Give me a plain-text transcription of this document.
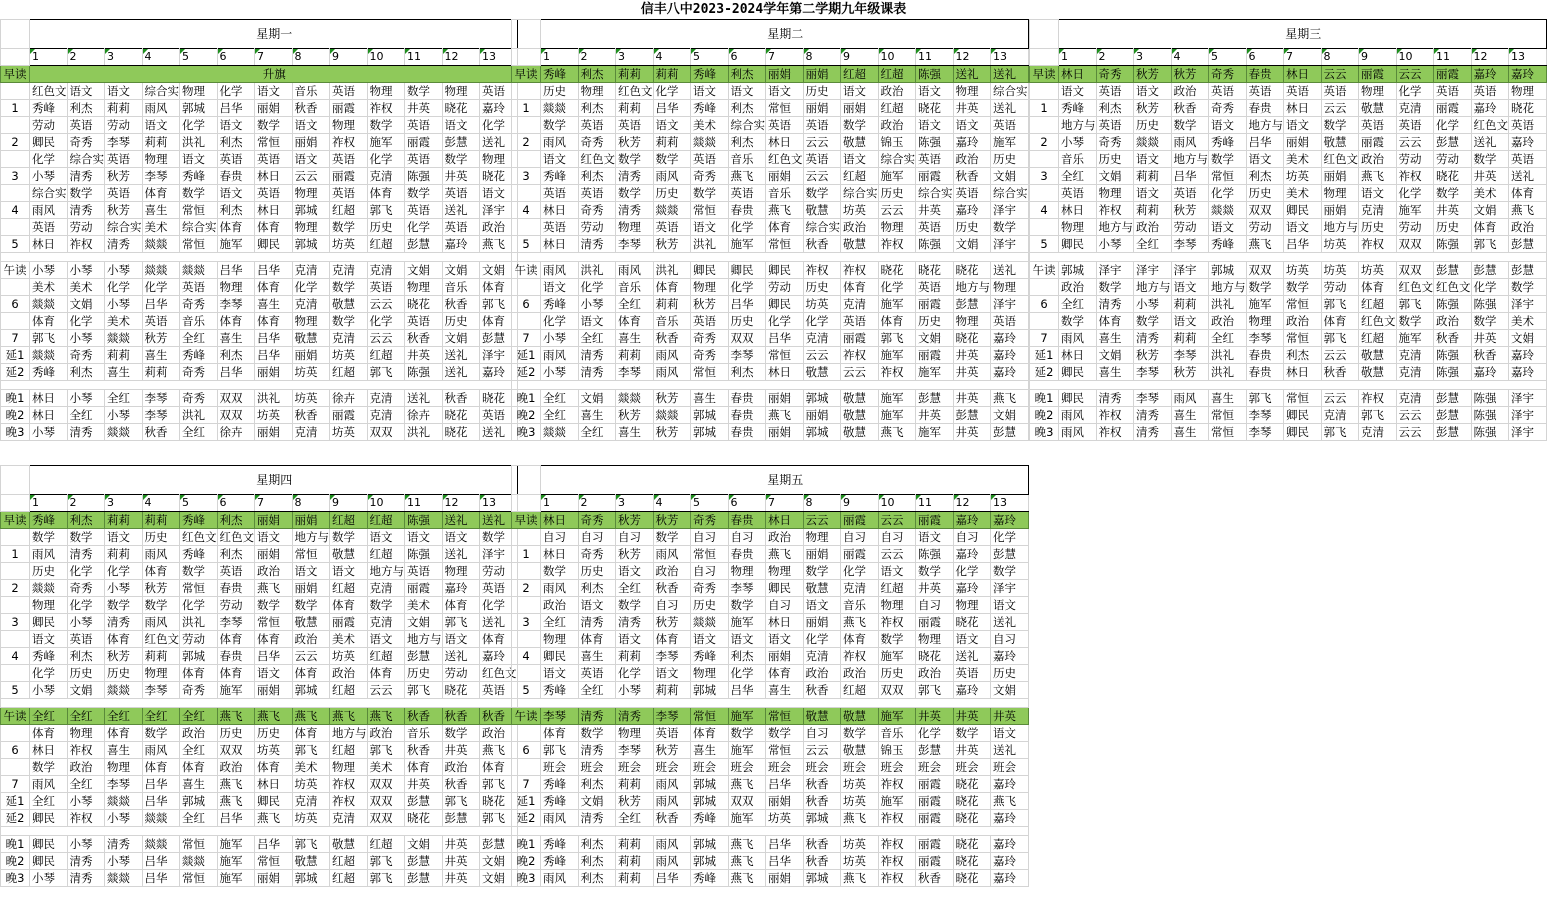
信丰八中2023-2024学年第二学期九年级课表
	星期一												
	1	2	3	4	5	6	7	8	9	10	11	12	13
早读	升旗												
	红色文	语文	语文	综合实	物理	化学	语文	音乐	英语	物理	数学	物理	英语
1	秀峰	利杰	莉莉	雨风	郭城	吕华	丽娟	秋香	丽霞	祚权	井英	晓花	嘉玲
	劳动	英语	劳动	语文	化学	语文	数学	语文	物理	数学	英语	语文	化学
2	卿民	奇秀	李琴	莉莉	洪礼	利杰	常恒	丽娟	祚权	施军	丽霞	彭慧	送礼
	化学	综合实	英语	物理	语文	英语	英语	语文	英语	化学	英语	数学	物理
3	小琴	清秀	秋芳	李琴	秀峰	春贵	林日	云云	丽霞	克清	陈强	井英	晓花
	综合实	数学	英语	体育	数学	语文	英语	物理	英语	体育	数学	英语	语文
4	雨风	清秀	秋芳	喜生	常恒	利杰	林日	郭城	红超	郭飞	英语	送礼	泽宇
	英语	劳动	综合实	美术	综合实	体育	体育	物理	数学	历史	化学	英语	政治
5	林日	祚权	清秀	燚燚	常恒	施军	卿民	郭城	坊英	红超	彭慧	嘉玲	燕飞

午读	小琴	小琴	小琴	燚燚	燚燚	吕华	吕华	克清	克清	克清	文娟	文娟	文娟
	美术	美术	化学	化学	英语	物理	体育	化学	数学	英语	物理	音乐	体育
6	燚燚	文娟	小琴	吕华	奇秀	李琴	喜生	克清	敬慧	云云	晓花	秋香	郭飞
	体育	化学	美术	英语	音乐	体育	体育	物理	数学	化学	英语	历史	体育
7	郭飞	小琴	燚燚	秋芳	全红	喜生	吕华	敬慧	克清	云云	秋香	文娟	彭慧
延1	燚燚	奇秀	莉莉	喜生	秀峰	利杰	吕华	丽娟	坊英	红超	井英	送礼	泽宇
延2	秀峰	利杰	喜生	莉莉	奇秀	吕华	丽娟	坊英	红超	郭飞	陈强	送礼	嘉玲

晚1	林日	小琴	全红	李琴	奇秀	双双	洪礼	坊英	徐卉	克清	送礼	秋香	晓花
晚2	林日	全红	小琴	李琴	洪礼	双双	坊英	秋香	丽霞	克清	徐卉	晓花	英语
晚3	小琴	清秀	燚燚	秋香	全红	徐卉	丽娟	克清	坊英	双双	洪礼	晓花	送礼
	星期二												
	1	2	3	4	5	6	7	8	9	10	11	12	13
早读	秀峰	利杰	莉莉	莉莉	秀峰	利杰	丽娟	丽娟	红超	红超	陈强	送礼	送礼
	历史	物理	红色文	化学	语文	语文	语文	历史	语文	政治	语文	物理	综合实
1	燚燚	利杰	莉莉	吕华	秀峰	利杰	常恒	丽娟	丽娟	红超	晓花	井英	送礼
	数学	英语	英语	语文	美术	综合实	英语	英语	数学	政治	语文	语文	英语
2	雨风	奇秀	秋芳	莉莉	燚燚	利杰	林日	云云	敬慧	锦玉	陈强	嘉玲	施军
	语文	红色文	数学	数学	英语	音乐	红色文	英语	语文	综合实	英语	政治	历史
3	秀峰	利杰	清秀	雨风	奇秀	燕飞	丽娟	云云	红超	施军	丽霞	秋香	文娟
	英语	英语	数学	历史	数学	英语	音乐	数学	综合实	历史	综合实	英语	综合实
4	林日	奇秀	清秀	燚燚	常恒	春贵	燕飞	敬慧	坊英	云云	井英	嘉玲	泽宇
	英语	劳动	物理	英语	语文	化学	体育	综合实	政治	物理	英语	历史	数学
5	林日	清秀	李琴	秋芳	洪礼	施军	常恒	秋香	敬慧	祚权	陈强	文娟	泽宇

午读	雨风	洪礼	雨风	洪礼	卿民	卿民	卿民	祚权	祚权	晓花	晓花	晓花	送礼
	语文	化学	音乐	体育	物理	化学	劳动	历史	体育	化学	英语	地方与	物理
6	秀峰	小琴	全红	莉莉	秋芳	吕华	卿民	坊英	克清	施军	丽霞	彭慧	泽宇
	化学	语文	体育	音乐	英语	历史	化学	化学	英语	体育	历史	物理	英语
7	小琴	全红	喜生	秋香	奇秀	双双	吕华	克清	丽霞	郭飞	文娟	晓花	嘉玲
延1	雨风	清秀	莉莉	雨风	奇秀	李琴	常恒	云云	祚权	施军	丽霞	井英	嘉玲
延2	小琴	清秀	李琴	雨风	常恒	利杰	林日	敬慧	云云	祚权	施军	井英	嘉玲

晚1	全红	文娟	燚燚	秋芳	喜生	春贵	丽娟	郭城	敬慧	施军	彭慧	井英	燕飞
晚2	全红	喜生	秋芳	燚燚	郭城	春贵	燕飞	丽娟	敬慧	施军	井英	彭慧	文娟
晚3	燚燚	全红	喜生	秋芳	郭城	春贵	丽娟	郭城	敬慧	燕飞	施军	井英	彭慧
	星期三												
	1	2	3	4	5	6	7	8	9	10	11	12	13
早读	林日	奇秀	秋芳	秋芳	奇秀	春贵	林日	云云	丽霞	云云	丽霞	嘉玲	嘉玲
	语文	英语	语文	政治	英语	英语	英语	英语	物理	化学	英语	英语	物理
1	秀峰	利杰	秋芳	秋香	奇秀	春贵	林日	云云	敬慧	克清	丽霞	嘉玲	晓花
	地方与	英语	历史	数学	语文	地方与	语文	数学	英语	英语	化学	红色文	英语
2	小琴	奇秀	燚燚	雨风	秀峰	吕华	丽娟	敬慧	丽霞	云云	彭慧	送礼	嘉玲
	音乐	历史	语文	地方与	数学	语文	美术	红色文	政治	劳动	劳动	数学	英语
3	全红	文娟	莉莉	吕华	常恒	利杰	坊英	丽娟	燕飞	祚权	晓花	井英	送礼
	英语	物理	语文	英语	化学	历史	美术	物理	语文	化学	数学	美术	体育
4	林日	祚权	莉莉	秋芳	燚燚	双双	卿民	丽娟	克清	施军	井英	文娟	燕飞
	物理	地方与	政治	劳动	语文	劳动	语文	地方与	历史	劳动	历史	体育	政治
5	卿民	小琴	全红	李琴	秀峰	燕飞	吕华	坊英	祚权	双双	陈强	郭飞	彭慧

午读	郭城	泽宇	泽宇	泽宇	郭城	双双	坊英	坊英	坊英	双双	彭慧	彭慧	彭慧
	政治	数学	地方与	语文	地方与	数学	数学	劳动	体育	红色文	红色文	化学	数学
6	全红	清秀	小琴	莉莉	洪礼	施军	常恒	郭飞	红超	郭飞	陈强	陈强	泽宇
	数学	体育	数学	语文	政治	物理	政治	体育	红色文	数学	政治	数学	美术
7	雨风	喜生	清秀	莉莉	全红	李琴	常恒	郭飞	红超	施军	秋香	井英	文娟
延1	林日	文娟	秋芳	李琴	洪礼	春贵	利杰	云云	敬慧	克清	陈强	秋香	嘉玲
延2	卿民	喜生	李琴	秋芳	洪礼	春贵	林日	秋香	敬慧	克清	陈强	嘉玲	嘉玲

晚1	卿民	清秀	李琴	雨风	喜生	郭飞	常恒	云云	祚权	克清	彭慧	陈强	泽宇
晚2	雨风	祚权	清秀	喜生	常恒	李琴	卿民	克清	郭飞	云云	彭慧	陈强	泽宇
晚3	雨风	祚权	清秀	喜生	常恒	李琴	卿民	郭飞	克清	云云	彭慧	陈强	泽宇
	星期四												
	1	2	3	4	5	6	7	8	9	10	11	12	13
早读	秀峰	利杰	莉莉	莉莉	秀峰	利杰	丽娟	丽娟	红超	红超	陈强	送礼	送礼
	数学	数学	语文	历史	红色文	红色文	语文	地方与	数学	语文	语文	语文	数学
1	雨风	清秀	莉莉	雨风	秀峰	利杰	丽娟	常恒	敬慧	红超	陈强	送礼	泽宇
	历史	化学	化学	体育	数学	英语	政治	语文	语文	地方与	英语	物理	劳动
2	燚燚	奇秀	小琴	秋芳	常恒	春贵	燕飞	丽娟	红超	克清	丽霞	嘉玲	英语
	物理	化学	数学	数学	化学	劳动	数学	数学	体育	数学	美术	体育	化学
3	卿民	小琴	清秀	雨风	洪礼	李琴	常恒	敬慧	丽霞	克清	文娟	郭飞	送礼
	语文	英语	体育	红色文	劳动	体育	体育	政治	美术	语文	地方与	语文	体育
4	秀峰	利杰	秋芳	莉莉	郭城	春贵	吕华	云云	坊英	红超	彭慧	送礼	嘉玲
	化学	历史	历史	物理	体育	体育	语文	体育	政治	体育	历史	劳动	红色文
5	小琴	文娟	燚燚	李琴	奇秀	施军	丽娟	郭城	红超	云云	郭飞	晓花	英语

午读	全红	全红	全红	全红	全红	燕飞	燕飞	燕飞	燕飞	燕飞	秋香	秋香	秋香
	体育	物理	体育	数学	政治	历史	历史	体育	地方与	政治	音乐	数学	政治
6	林日	祚权	喜生	雨风	全红	双双	坊英	郭飞	红超	郭飞	秋香	井英	燕飞
	数学	政治	物理	体育	体育	政治	体育	美术	物理	美术	体育	政治	体育
7	雨风	全红	李琴	吕华	喜生	燕飞	林日	坊英	祚权	双双	井英	秋香	郭飞
延1	全红	小琴	燚燚	吕华	郭城	燕飞	卿民	克清	祚权	双双	彭慧	郭飞	晓花
延2	卿民	祚权	小琴	燚燚	全红	吕华	燕飞	坊英	克清	双双	晓花	彭慧	郭飞

晚1	卿民	小琴	清秀	燚燚	常恒	施军	吕华	郭飞	敬慧	红超	文娟	井英	彭慧
晚2	卿民	清秀	小琴	吕华	燚燚	施军	常恒	敬慧	红超	郭飞	彭慧	井英	文娟
晚3	小琴	清秀	燚燚	吕华	常恒	施军	丽娟	郭城	红超	郭飞	彭慧	井英	文娟
	星期五												
	1	2	3	4	5	6	7	8	9	10	11	12	13
早读	林日	奇秀	秋芳	秋芳	奇秀	春贵	林日	云云	丽霞	云云	丽霞	嘉玲	嘉玲
	自习	自习	自习	数学	自习	自习	政治	物理	自习	自习	语文	自习	化学
1	林日	奇秀	秋芳	雨风	常恒	春贵	燕飞	丽娟	丽霞	云云	陈强	嘉玲	彭慧
	数学	历史	语文	政治	自习	物理	物理	数学	化学	语文	数学	化学	数学
2	雨风	利杰	全红	秋香	奇秀	李琴	卿民	敬慧	克清	红超	井英	嘉玲	泽宇
	政治	语文	数学	自习	历史	数学	自习	语文	音乐	物理	自习	物理	语文
3	全红	清秀	清秀	秋芳	燚燚	施军	林日	丽娟	燕飞	祚权	丽霞	晓花	送礼
	物理	体育	语文	体育	语文	语文	语文	化学	体育	数学	物理	语文	自习
4	卿民	喜生	莉莉	李琴	秀峰	利杰	丽娟	克清	祚权	施军	晓花	送礼	嘉玲
	语文	英语	化学	语文	物理	化学	体育	政治	政治	历史	政治	英语	历史
5	秀峰	全红	小琴	莉莉	郭城	吕华	喜生	秋香	红超	双双	郭飞	嘉玲	文娟

午读	李琴	清秀	清秀	李琴	常恒	施军	常恒	敬慧	敬慧	施军	井英	井英	井英
	体育	数学	物理	英语	体育	数学	数学	自习	数学	音乐	化学	数学	语文
6	郭飞	清秀	李琴	秋芳	喜生	施军	常恒	云云	敬慧	锦玉	彭慧	井英	送礼
	班会	班会	班会	班会	班会	班会	班会	班会	班会	班会	班会	班会	班会
7	秀峰	利杰	莉莉	雨风	郭城	燕飞	吕华	秋香	坊英	祚权	丽霞	晓花	嘉玲
延1	秀峰	文娟	秋芳	雨风	郭城	双双	丽娟	秋香	坊英	施军	丽霞	晓花	燕飞
延2	雨风	清秀	全红	秋香	秀峰	施军	坊英	郭城	燕飞	祚权	丽霞	晓花	嘉玲

晚1	秀峰	利杰	莉莉	雨风	郭城	燕飞	吕华	秋香	坊英	祚权	丽霞	晓花	嘉玲
晚2	秀峰	利杰	莉莉	雨风	郭城	燕飞	吕华	秋香	坊英	祚权	丽霞	晓花	嘉玲
晚3	雨风	利杰	莉莉	吕华	秀峰	燕飞	丽娟	郭城	燕飞	祚权	秋香	晓花	嘉玲
